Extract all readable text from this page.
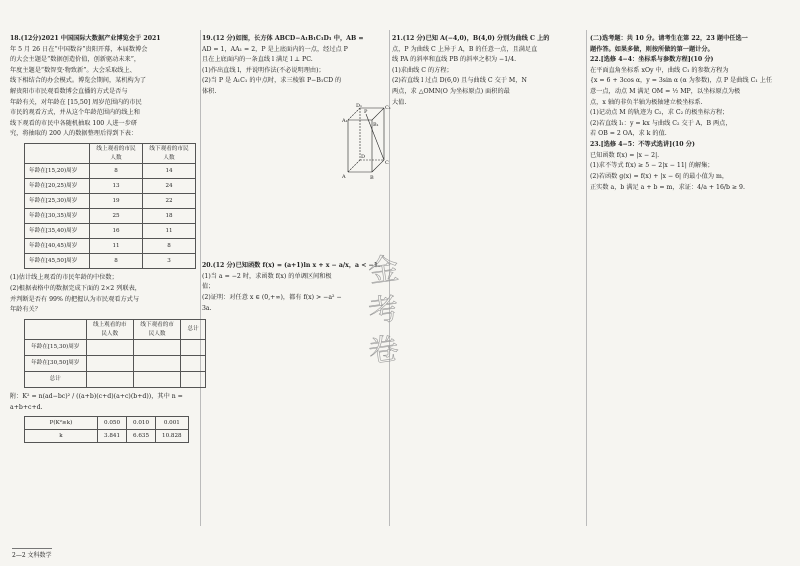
18.(12分)2021 中国国际大数据产业博览会于 2021

年 5 月 26 日在“中国数谷”贵阳开幕，本届数博会

的大会主题是“数据创造价值，创新驱动未来”，

年度主题是“数智变·物致新”。大会采取线上、

线下相结合的办会模式。博览会期间，某机构为了

解贵阳市市民观看数博会直播的方式是否与

年龄有关，对年龄在 [15,50] 周岁范围内的市民

市民的观看方式，并从这个年龄范围内的线上和

线下观看的市民中各随机抽取 100 人进一步研

究，将抽取的 200 人的数据整理后得到下表：

	线上观看的市民人数	线下观看的市民人数
年龄在[15,20)周岁	8	14
年龄在[20,25)周岁	13	24
年龄在[25,30)周岁	19	22
年龄在[30,35)周岁	25	18
年龄在[35,40)周岁	16	11
年龄在[40,45)周岁	11	8
年龄在[45,50]周岁	8	3

(1)估计线上观看的市民年龄的中位数；

(2)根据表格中的数据完成下面的 2×2 列联表，

并判断是否有 99% 的把握认为市民观看方式与

年龄有关？

	线上观看的市民人数	线下观看的市民人数	总计
年龄在[15,30)周岁			
年龄在[30,50]周岁			
总计			

附：K² = n(ad−bc)² / ((a+b)(c+d)(a+c)(b+d))，其中 n =

a+b+c+d.

P(K²≥k)	0.050	0.010	0.001
k	3.841	6.635	10.828

19.(12 分)如图，长方体 ABCD−A₁B₁C₁D₁ 中，AB =

AD = 1，AA₁ = 2，P 是上底面内的一点，经过点 P

且在上底面内的一条直线 l 满足 l ⊥ PC.

(1)作出直线 l，并说明作法(不必说明理由)；

(2)当 P 是 A₁C₁ 的中点时，求三棱锥 P−B₁CD 的

体积.

A₁
B₁
C₁
D₁
P
A	B
C
D

20.(12 分)已知函数 f(x) = (a+1)ln x + x − a/x，a < −1.

(1)当 a = −2 时，求函数 f(x) 的单调区间和极

值；

(2)证明：对任意 x ∈ (0,+∞)，都有 f(x) > −a² −

3a.

金
考
卷

21.(12 分)已知 A(−4,0)，B(4,0) 分别为曲线 C 上的

点，P 为曲线 C 上异于 A，B 的任意一点，且满足直

线 PA 的斜率和直线 PB 的斜率之积为 −1/4.

(1)求曲线 C 的方程；

(2)若直线 l 过点 D(6,0) 且与曲线 C 交于 M，N

两点，求 △OMN(O 为坐标原点) 面积的最

大值.

(二)选考题：共 10 分。请考生在第 22，23 题中任选一

题作答。如果多做，则按所做的第一题计分。

22.[选修 4−4：坐标系与参数方程](10 分)

在平面直角坐标系 xOy 中，曲线 C₁ 的参数方程为

{x = 6 + 3cos α，y = 3sin α (α 为参数)，点 P 是曲线 C₁ 上任

意一点，动点 M 满足 OM = ½ MP，以坐标原点为极

点，x 轴的非负半轴为极轴建立极坐标系.

(1)记动点 M 的轨迹为 C₂，求 C₂ 的极坐标方程；

(2)若直线 l₁：y = kx 与曲线 C₂ 交于 A，B 两点，

若 OB = 2 OA，求 k 的值.

23.[选修 4−5：不等式选讲](10 分)

已知函数 f(x) = |x − 2|.

(1)求不等式 f(x) ≥ 5 − 2|x − 11| 的解集；

(2)若函数 g(x) = f(x) + |x − 6| 的最小值为 m，

正实数 a，b 满足 a + b = m，求证：4/a + 16/b ≥ 9.

2—2 文科数学
